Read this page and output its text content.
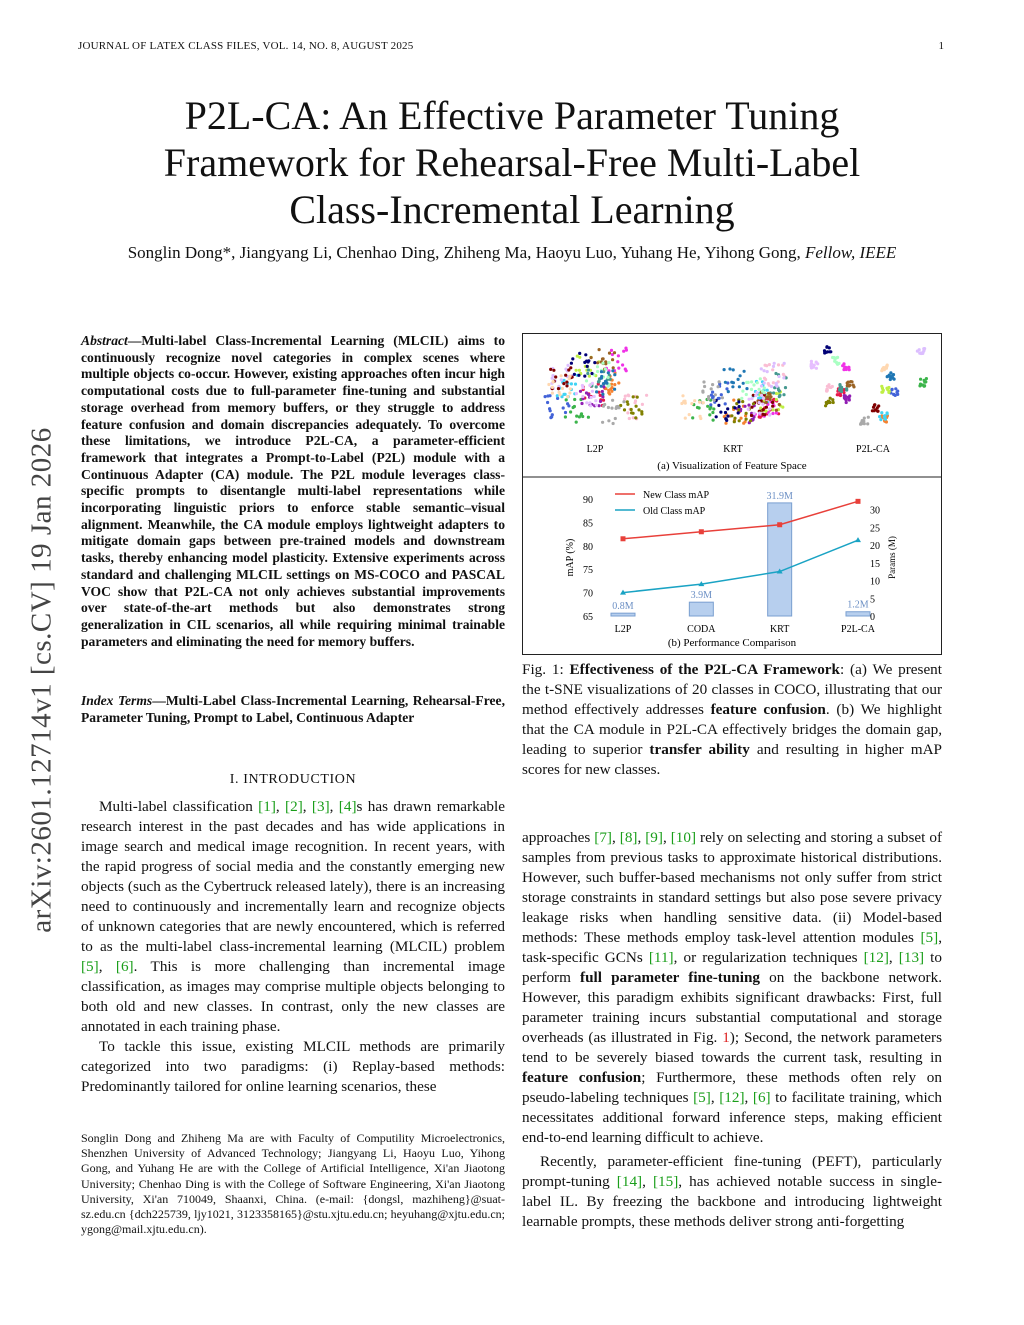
JOURNAL OF LATEX CLASS FILES, VOL. 14, NO. 8, AUGUST 2025	1
P2L-CA: An Effective Parameter Tuning Framework for Rehearsal-Free Multi-Label Class-Incremental Learning
Songlin Dong*, Jiangyang Li, Chenhao Ding, Zhiheng Ma, Haoyu Luo, Yuhang He, Yihong Gong, Fellow, IEEE
arXiv:2601.12714v1 [cs.CV] 19 Jan 2026
Abstract—Multi-label Class-Incremental Learning (MLCIL) aims to continuously recognize novel categories in complex scenes where multiple objects co-occur. However, existing approaches often incur high computational costs due to full-parameter fine-tuning and substantial storage overhead from memory buffers, or they struggle to address feature confusion and domain discrepancies adequately. To overcome these limitations, we introduce P2L-CA, a parameter-efficient framework that integrates a Prompt-to-Label (P2L) module with a Continuous Adapter (CA) module. The P2L module leverages class-specific prompts to disentangle multi-label representations while incorporating linguistic priors to enforce stable semantic–visual alignment. Meanwhile, the CA module employs lightweight adapters to mitigate domain gaps between pre-trained models and downstream tasks, thereby enhancing model plasticity. Extensive experiments across standard and challenging MLCIL settings on MS-COCO and PASCAL VOC show that P2L-CA not only achieves substantial improvements over state-of-the-art methods but also demonstrates strong generalization in CIL scenarios, all while requiring minimal trainable parameters and eliminating the need for memory buffers.
Index Terms—Multi-Label Class-Incremental Learning, Rehearsal-Free, Parameter Tuning, Prompt to Label, Continuous Adapter
I. INTRODUCTION

Multi-label classification [1], [2], [3], [4]s has drawn remarkable research interest in the past decades and has wide applications in image search and medical image recognition. In recent years, with the rapid progress of social media and the constantly emerging new objects (such as the Cybertruck released lately), there is an increasing need to continuously and incrementally learn and recognize objects of unknown categories that are newly encountered, which is referred to as the multi-label class-incremental learning (MLCIL) problem [5], [6]. This is more challenging than incremental image classification, as images may comprise multiple objects belonging to both old and new classes. In contrast, only the new classes are annotated in each training phase.

To tackle this issue, existing MLCIL methods are primarily categorized into two paradigms: (i) Replay-based methods: Predominantly tailored for online learning scenarios, these

Songlin Dong and Zhiheng Ma are with Faculty of Computility Microelectronics, Shenzhen University of Advanced Technology; Jiangyang Li, Haoyu Luo, Yihong Gong, and Yuhang He are with the College of Artificial Intelligence, Xi'an Jiaotong University; Chenhao Ding is with the College of Software Engineering, Xi'an Jiaotong University, Xi'an 710049, Shaanxi, China. (e-mail: {dongsl, mazhiheng}@suat-sz.edu.cn {dch225739, ljy1021, 3123358165}@stu.xjtu.edu.cn; heyuhang@xjtu.edu.cn; ygong@mail.xjtu.edu.cn).
L2P	KRT	P2L-CA
(a) Visualization of Feature Space
90
85
80
75
70
65
30
25
20
15
10
5
0
mAP (%)	Params (M)
0.8M
3.9M
31.9M
1.2M
New Class mAP
Old Class mAP
L2P	CODA	KRT	P2L-CA
(b) Performance Comparison
Fig. 1: Effectiveness of the P2L-CA Framework: (a) We present the t-SNE visualizations of 20 classes in COCO, illustrating that our method effectively addresses feature confusion. (b) We highlight that the CA module in P2L-CA effectively bridges the domain gap, leading to superior transfer ability and resulting in higher mAP scores for new classes.

approaches [7], [8], [9], [10] rely on selecting and storing a subset of samples from previous tasks to approximate historical distributions. However, such buffer-based mechanisms not only suffer from strict storage constraints in standard settings but also pose severe privacy leakage risks when handling sensitive data. (ii) Model-based methods: These methods employ task-level attention modules [5], task-specific GCNs [11], or regularization techniques [12], [13] to perform full parameter fine-tuning on the backbone network. However, this paradigm exhibits significant drawbacks: First, full parameter training incurs substantial computational and storage overheads (as illustrated in Fig. 1); Second, the network parameters tend to be severely biased towards the current task, resulting in feature confusion; Furthermore, these methods often rely on pseudo-labeling techniques [5], [12], [6] to facilitate training, which necessitates additional forward inference steps, making efficient end-to-end learning difficult to achieve.

Recently, parameter-efficient fine-tuning (PEFT), particularly prompt-tuning [14], [15], has achieved notable success in single-label IL. By freezing the backbone and introducing lightweight learnable prompts, these methods deliver strong anti-forgetting
